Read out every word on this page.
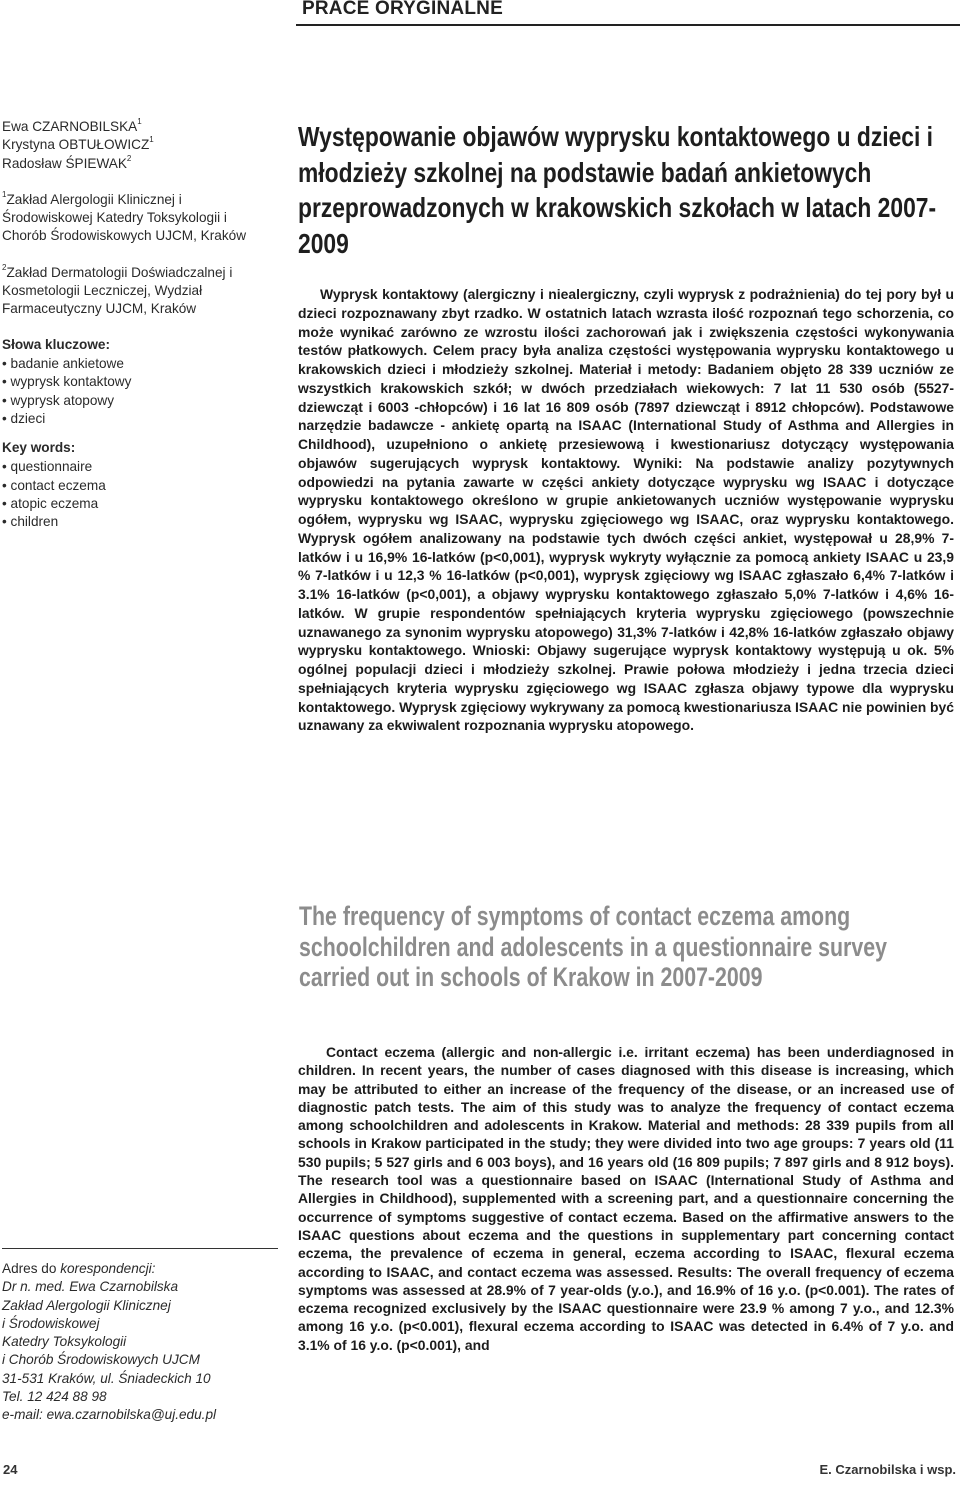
PRACE ORYGINALNE
Ewa CZARNOBILSKA$^1$
Krystyna OBTUŁOWICZ$^1$
Radosław ŚPIEWAK$^2$
$^1$Zakład Alergologii Klinicznej i Środowiskowej Katedry Toksykologii i Chorób Środowiskowych UJCM, Kraków
$^2$Zakład Dermatologii Doświadczalnej i Kosmetologii Leczniczej, Wydział Farmaceutyczny UJCM, Kraków
Słowa kluczowe:
• badanie ankietowe
• wyprysk kontaktowy
• wyprysk atopowy
• dzieci
Key words:
• questionnaire
• contact eczema
• atopic eczema
• children
Występowanie objawów wyprysku kontaktowego u dzieci i młodzieży szkolnej na podstawie badań ankietowych przeprowadzonych w krakowskich szkołach w latach 2007-2009
Wyprysk kontaktowy (alergiczny i niealergiczny, czyli wyprysk z podrażnienia) do tej pory był u dzieci rozpoznawany zbyt rzadko. W ostatnich latach wzrasta ilość rozpoznań tego schorzenia, co może wynikać zarówno ze wzrostu ilości zachorowań jak i zwiększenia częstości wykonywania testów płatkowych. Celem pracy była analiza częstości występowania wyprysku kontaktowego u krakowskich dzieci i młodzieży szkolnej. Materiał i metody: Badaniem objęto 28 339 uczniów ze wszystkich krakowskich szkół; w dwóch przedziałach wiekowych: 7 lat 11 530 osób (5527-dziewcząt i 6003 -chłopców) i 16 lat 16 809 osób (7897 dziewcząt i 8912 chłopców). Podstawowe narzędzie badawcze - ankietę opartą na ISAAC (International Study of Asthma and Allergies in Childhood), uzupełniono o ankietę przesiewową i kwestionariusz dotyczący występowania objawów sugerujących wyprysk kontaktowy. Wyniki: Na podstawie analizy pozytywnych odpowiedzi na pytania zawarte w części ankiety dotyczące wyprysku wg ISAAC i dotyczące wyprysku kontaktowego określono w grupie ankietowanych uczniów występowanie wyprysku ogółem, wyprysku wg ISAAC, wyprysku zgięciowego wg ISAAC, oraz wyprysku kontaktowego. Wyprysk ogółem analizowany na podstawie tych dwóch części ankiet, występował u 28,9% 7-latków i u 16,9% 16-latków (p<0,001), wyprysk wykryty wyłącznie za pomocą ankiety ISAAC u 23,9 % 7-latków i u 12,3 % 16-latków (p<0,001), wyprysk zgięciowy wg ISAAC zgłaszało 6,4% 7-latków i 3.1% 16-latków (p<0,001), a objawy wyprysku kontaktowego zgłaszało 5,0% 7-latków i 4,6% 16-latków. W grupie respondentów spełniających kryteria wyprysku zgięciowego (powszechnie uznawanego za synonim wyprysku atopowego) 31,3% 7-latków i 42,8% 16-latków zgłaszało objawy wyprysku kontaktowego. Wnioski: Objawy sugerujące wyprysk kontaktowy występują u ok. 5% ogólnej populacji dzieci i młodzieży szkolnej. Prawie połowa młodzieży i jedna trzecia dzieci spełniających kryteria wyprysku zgięciowego wg ISAAC zgłasza objawy typowe dla wyprysku kontaktowego. Wyprysk zgięciowy wykrywany za pomocą kwestionariusza ISAAC nie powinien być uznawany za ekwiwalent rozpoznania wyprysku atopowego.
The frequency of symptoms of contact eczema among schoolchildren and adolescents in a questionnaire survey carried out in schools of Krakow in 2007-2009
Contact eczema (allergic and non-allergic i.e. irritant eczema) has been underdiagnosed in children. In recent years, the number of cases diagnosed with this disease is increasing, which may be attributed to either an increase of the frequency of the disease, or an increased use of diagnostic patch tests. The aim of this study was to analyze the frequency of contact eczema among schoolchildren and adolescents in Krakow. Material and methods: 28 339 pupils from all schools in Krakow participated in the study; they were divided into two age groups: 7 years old (11 530 pupils; 5 527 girls and 6 003 boys), and 16 years old (16 809 pupils; 7 897 girls and 8 912 boys). The research tool was a questionnaire based on ISAAC (International Study of Asthma and Allergies in Childhood), supplemented with a screening part, and a questionnaire concerning the occurrence of symptoms suggestive of contact eczema. Based on the affirmative answers to the ISAAC questions about eczema and the questions in supplementary part concerning contact eczema, the prevalence of eczema in general, eczema according to ISAAC, flexural eczema according to ISAAC, and contact eczema was assessed. Results: The overall frequency of eczema symptoms was assessed at 28.9% of 7 year-olds (y.o.), and 16.9% of 16 y.o. (p<0.001). The rates of eczema recognized exclusively by the ISAAC questionnaire were 23.9 % among 7 y.o., and 12.3% among 16 y.o. (p<0.001), flexural eczema according to ISAAC was detected in 6.4% of 7 y.o. and 3.1% of 16 y.o. (p<0.001), and
Adres do korespondencji:
Dr n. med. Ewa Czarnobilska
Zakład Alergologii Klinicznej
i Środowiskowej
Katedry Toksykologii
i Chorób Środowiskowych UJCM
31-531 Kraków, ul. Śniadeckich 10
Tel. 12 424 88 98
e-mail: ewa.czarnobilska@uj.edu.pl
24	E. Czarnobilska i wsp.
